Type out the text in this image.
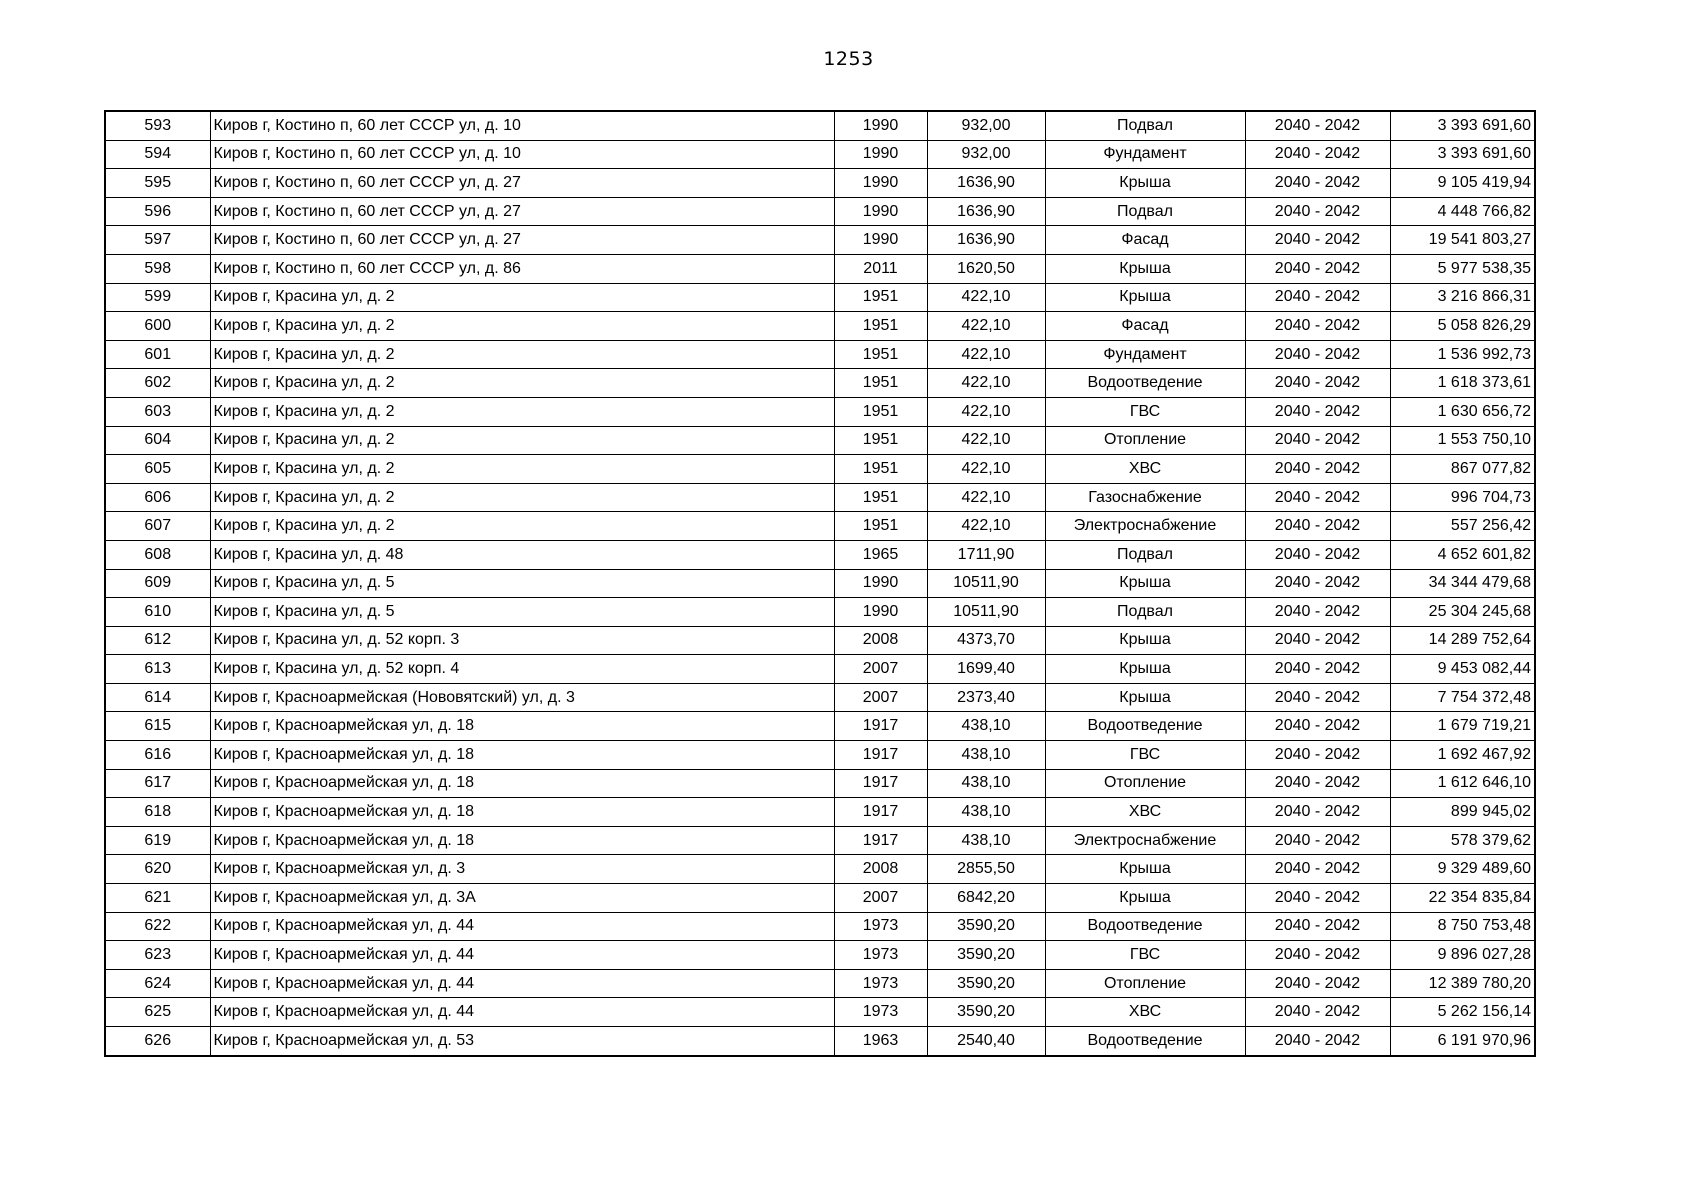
1253
593	Киров г, Костино п, 60 лет СССР ул, д. 10	1990	932,00	Подвал	2040 - 2042	3 393 691,60
594	Киров г, Костино п, 60 лет СССР ул, д. 10	1990	932,00	Фундамент	2040 - 2042	3 393 691,60
595	Киров г, Костино п, 60 лет СССР ул, д. 27	1990	1636,90	Крыша	2040 - 2042	9 105 419,94
596	Киров г, Костино п, 60 лет СССР ул, д. 27	1990	1636,90	Подвал	2040 - 2042	4 448 766,82
597	Киров г, Костино п, 60 лет СССР ул, д. 27	1990	1636,90	Фасад	2040 - 2042	19 541 803,27
598	Киров г, Костино п, 60 лет СССР ул, д. 86	2011	1620,50	Крыша	2040 - 2042	5 977 538,35
599	Киров г, Красина ул, д. 2	1951	422,10	Крыша	2040 - 2042	3 216 866,31
600	Киров г, Красина ул, д. 2	1951	422,10	Фасад	2040 - 2042	5 058 826,29
601	Киров г, Красина ул, д. 2	1951	422,10	Фундамент	2040 - 2042	1 536 992,73
602	Киров г, Красина ул, д. 2	1951	422,10	Водоотведение	2040 - 2042	1 618 373,61
603	Киров г, Красина ул, д. 2	1951	422,10	ГВС	2040 - 2042	1 630 656,72
604	Киров г, Красина ул, д. 2	1951	422,10	Отопление	2040 - 2042	1 553 750,10
605	Киров г, Красина ул, д. 2	1951	422,10	ХВС	2040 - 2042	867 077,82
606	Киров г, Красина ул, д. 2	1951	422,10	Газоснабжение	2040 - 2042	996 704,73
607	Киров г, Красина ул, д. 2	1951	422,10	Электроснабжение	2040 - 2042	557 256,42
608	Киров г, Красина ул, д. 48	1965	1711,90	Подвал	2040 - 2042	4 652 601,82
609	Киров г, Красина ул, д. 5	1990	10511,90	Крыша	2040 - 2042	34 344 479,68
610	Киров г, Красина ул, д. 5	1990	10511,90	Подвал	2040 - 2042	25 304 245,68
612	Киров г, Красина ул, д. 52 корп. 3	2008	4373,70	Крыша	2040 - 2042	14 289 752,64
613	Киров г, Красина ул, д. 52 корп. 4	2007	1699,40	Крыша	2040 - 2042	9 453 082,44
614	Киров г, Красноармейская (Нововятский) ул, д. 3	2007	2373,40	Крыша	2040 - 2042	7 754 372,48
615	Киров г, Красноармейская ул, д. 18	1917	438,10	Водоотведение	2040 - 2042	1 679 719,21
616	Киров г, Красноармейская ул, д. 18	1917	438,10	ГВС	2040 - 2042	1 692 467,92
617	Киров г, Красноармейская ул, д. 18	1917	438,10	Отопление	2040 - 2042	1 612 646,10
618	Киров г, Красноармейская ул, д. 18	1917	438,10	ХВС	2040 - 2042	899 945,02
619	Киров г, Красноармейская ул, д. 18	1917	438,10	Электроснабжение	2040 - 2042	578 379,62
620	Киров г, Красноармейская ул, д. 3	2008	2855,50	Крыша	2040 - 2042	9 329 489,60
621	Киров г, Красноармейская ул, д. 3А	2007	6842,20	Крыша	2040 - 2042	22 354 835,84
622	Киров г, Красноармейская ул, д. 44	1973	3590,20	Водоотведение	2040 - 2042	8 750 753,48
623	Киров г, Красноармейская ул, д. 44	1973	3590,20	ГВС	2040 - 2042	9 896 027,28
624	Киров г, Красноармейская ул, д. 44	1973	3590,20	Отопление	2040 - 2042	12 389 780,20
625	Киров г, Красноармейская ул, д. 44	1973	3590,20	ХВС	2040 - 2042	5 262 156,14
626	Киров г, Красноармейская ул, д. 53	1963	2540,40	Водоотведение	2040 - 2042	6 191 970,96
